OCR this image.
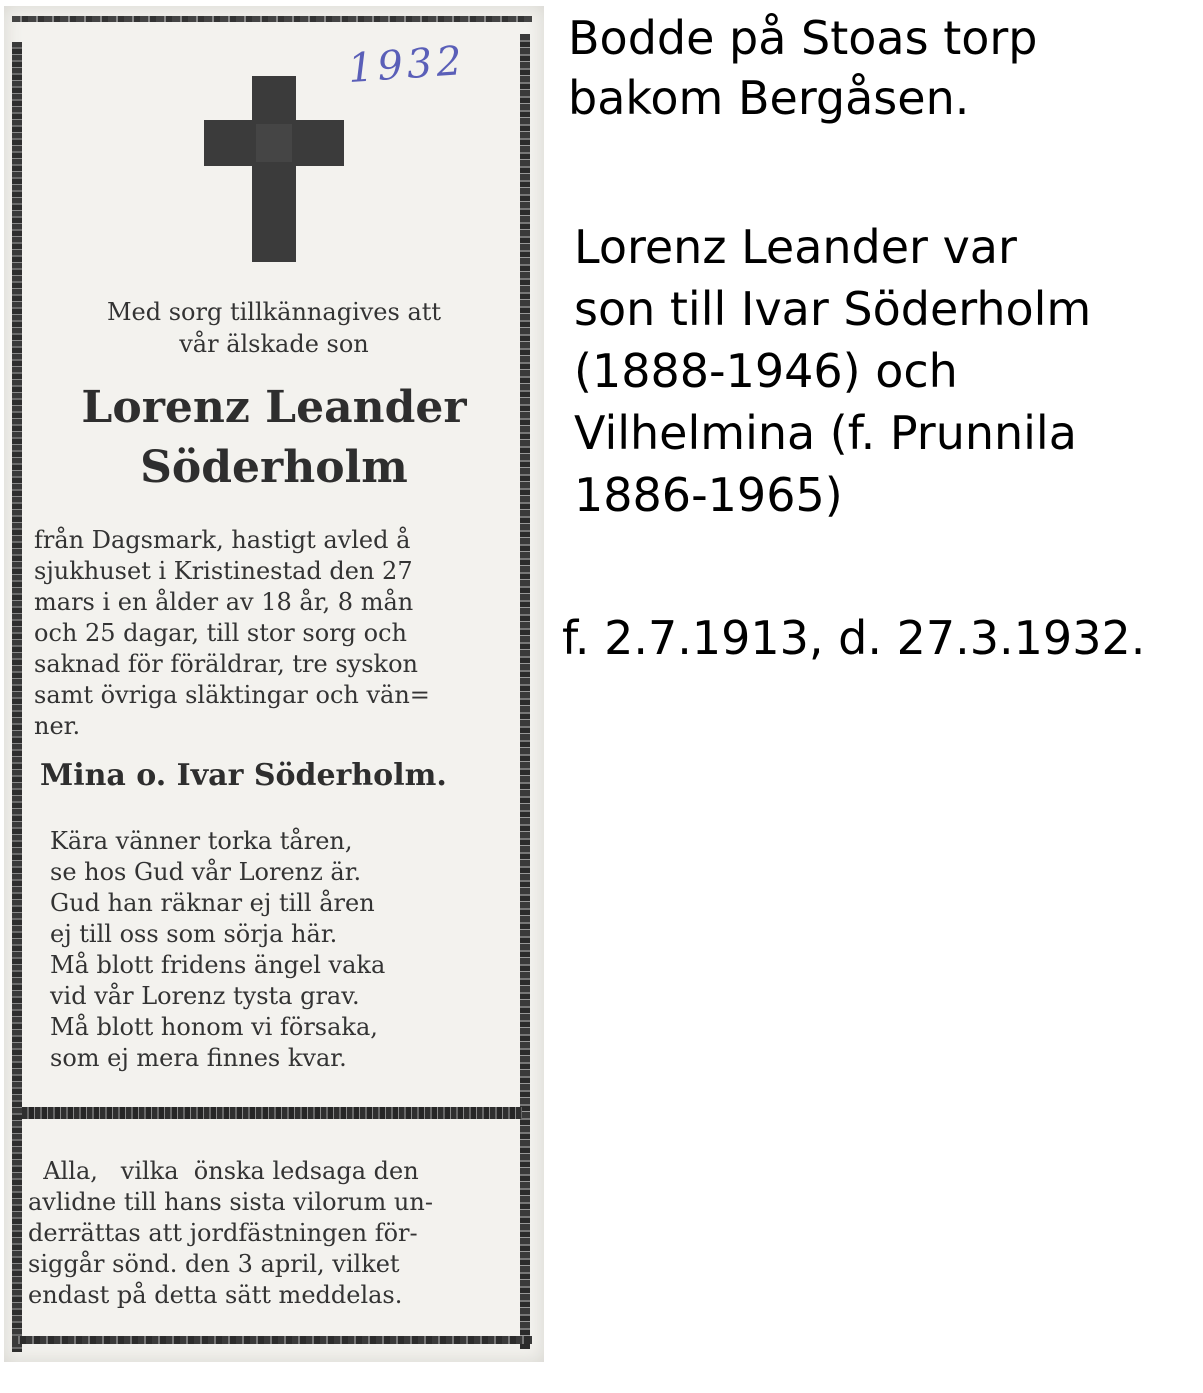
1932
Med sorg tillkännagives att
vår älskade son
Lorenz Leander
Söderholm
från Dagsmark, hastigt avled å
sjukhuset i Kristinestad den 27
mars i en ålder av 18 år, 8 mån
och 25 dagar, till stor sorg och
saknad för föräldrar, tre syskon
samt övriga släktingar och vän=
ner.
Mina o. Ivar Söderholm.
Kära vänner torka tåren,
se hos Gud vår Lorenz är.
Gud han räknar ej till åren
ej till oss som sörja här.
Må blott fridens ängel vaka
vid vår Lorenz tysta grav.
Må blott honom vi försaka,
som ej mera finnes kvar.
Alla,   vilka  önska ledsaga den
avlidne till hans sista vilorum un-
derrättas att jordfästningen för-
siggår sönd. den 3 april, vilket
endast på detta sätt meddelas.
Bodde på Stoas torp
bakom Bergåsen.
Lorenz Leander var
son till Ivar Söderholm
(1888-1946) och
Vilhelmina (f. Prunnila
1886-1965)
f. 2.7.1913, d. 27.3.1932.
